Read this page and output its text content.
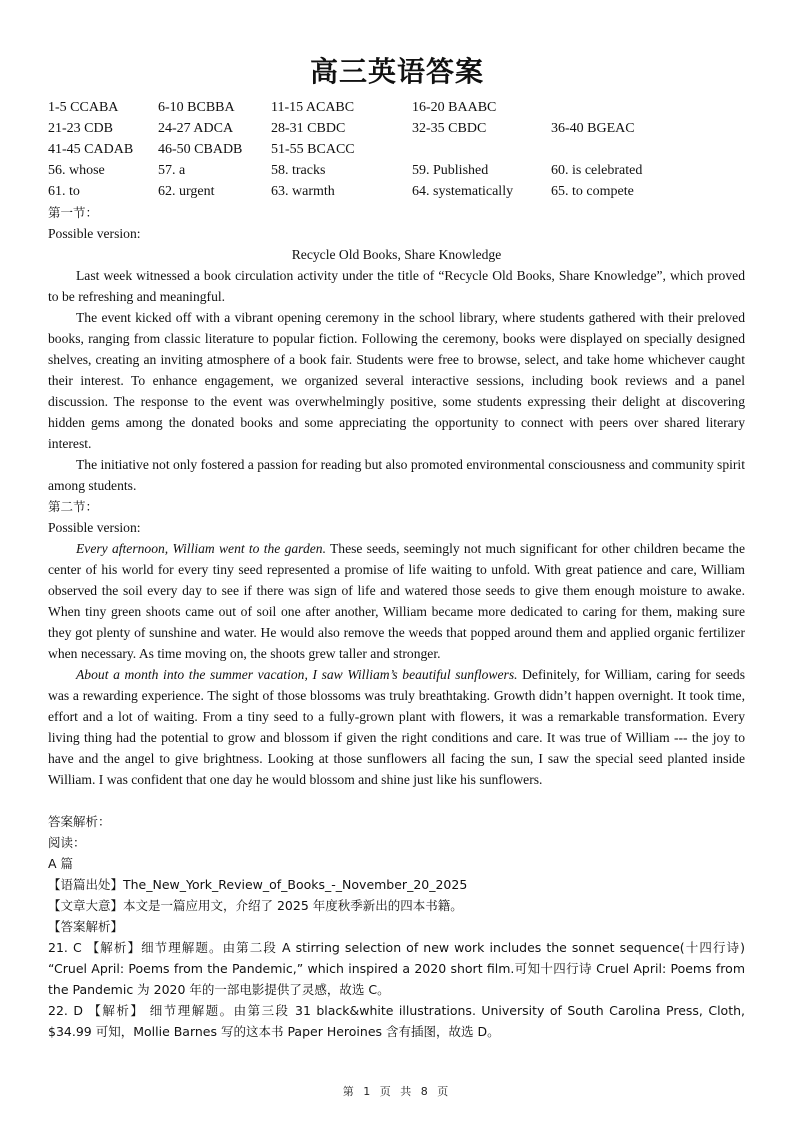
高三英语答案
1-5 CCABA	6-10 BCBBA	11-15 ACABC	16-20 BAABC
21-23 CDB	24-27 ADCA	28-31 CBDC	32-35 CBDC	36-40 BGEAC
41-45 CADAB 46-50 CBADB 51-55 BCACC
56. whose	57. a	58. tracks	59. Published	60. is celebrated
61. to	62. urgent	63. warmth	64. systematically	65. to compete

第一节：

Possible version:

Recycle Old Books, Share Knowledge

Last week witnessed a book circulation activity under the title of “Recycle Old Books, Share Knowledge”, which proved to be refreshing and meaningful.

The event kicked off with a vibrant opening ceremony in the school library, where students gathered with their preloved books, ranging from classic literature to popular fiction. Following the ceremony, books were displayed on specially designed shelves, creating an inviting atmosphere of a book fair. Students were free to browse, select, and take home whichever caught their interest. To enhance engagement, we organized several interactive sessions, including book reviews and a panel discussion. The response to the event was overwhelmingly positive, some students expressing their delight at discovering hidden gems among the donated books and some appreciating the opportunity to connect with peers over shared literary interest.

The initiative not only fostered a passion for reading but also promoted environmental consciousness and community spirit among students.

第二节：

Possible version:

Every afternoon, William went to the garden. These seeds, seemingly not much significant for other children became the center of his world for every tiny seed represented a promise of life waiting to unfold. With great patience and care, William observed the soil every day to see if there was sign of life and watered those seeds to give them enough moisture to awake. When tiny green shoots came out of soil one after another, William became more dedicated to caring for them, making sure they got plenty of sunshine and water. He would also remove the weeds that popped around them and applied organic fertilizer when necessary. As time moving on, the shoots grew taller and stronger.

About a month into the summer vacation, I saw William’s beautiful sunflowers. Definitely, for William, caring for seeds was a rewarding experience. The sight of those blossoms was truly breathtaking. Growth didn’t happen overnight. It took time, effort and a lot of waiting. From a tiny seed to a fully-grown plant with flowers, it was a remarkable transformation. Every living thing had the potential to grow and blossom if given the right conditions and care. It was true of William --- the joy to have and the angel to give brightness. Looking at those sunflowers all facing the sun, I saw the special seed planted inside William. I was confident that one day he would blossom and shine just like his sunflowers.

答案解析：

阅读：

A 篇

【语篇出处】The_New_York_Review_of_Books_-_November_20_2025

【文章大意】本文是一篇应用文，介绍了 2025 年度秋季新出的四本书籍。

【答案解析】

21. C 【解析】细节理解题。由第二段 A stirring selection of new work includes the sonnet sequence(十四行诗) “Cruel April: Poems from the Pandemic,” which inspired a 2020 short film.可知十四行诗 Cruel April: Poems from the Pandemic 为 2020 年的一部电影提供了灵感，故选 C。

22. D 【解析】 细节理解题。由第三段 31 black&white illustrations. University of South Carolina Press, Cloth, $34.99 可知，Mollie Barnes 写的这本书 Paper Heroines 含有插图，故选 D。

第 1 页 共 8 页
